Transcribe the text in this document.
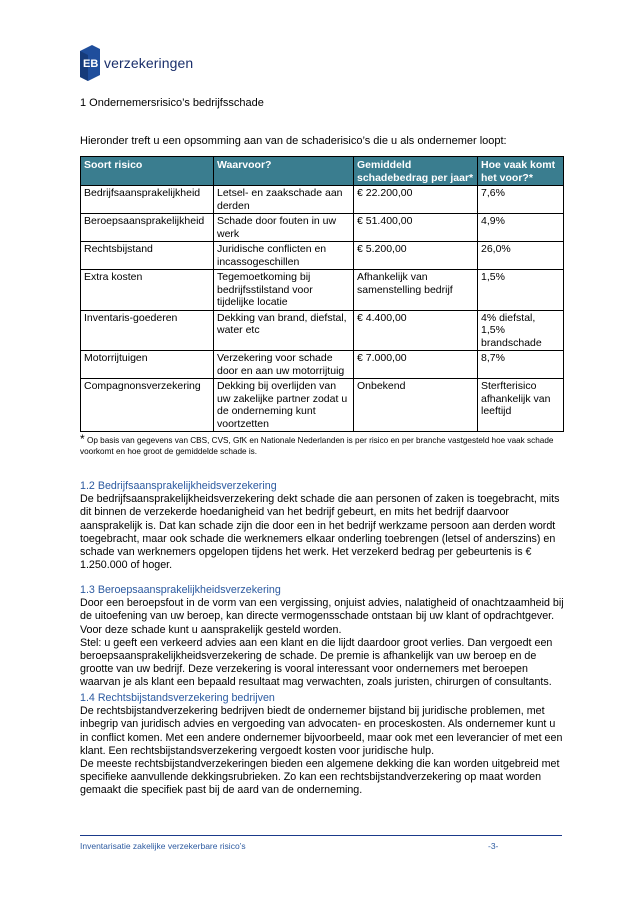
EB verzekeringen
1 Ondernemersrisico’s bedrijfsschade
Hieronder treft u een opsomming aan van de schaderisico’s die u als ondernemer loopt:
Soort risico	Waarvoor?	Gemiddeld schadebedrag per jaar*	Hoe vaak komt het voor?*
Bedrijfsaansprakelijkheid	Letsel- en zaakschade aan derden	€ 22.200,00	7,6%
Beroepsaansprakelijkheid	Schade door fouten in uw werk	€ 51.400,00	4,9%
Rechtsbijstand	Juridische conflicten en incassogeschillen	€ 5.200,00	26,0%
Extra kosten	Tegemoetkoming bij bedrijfsstilstand voor tijdelijke locatie	Afhankelijk van samenstelling bedrijf	1,5%
Inventaris-goederen	Dekking van brand, diefstal, water etc	€ 4.400,00	4% diefstal, 1,5% brandschade
Motorrijtuigen	Verzekering voor schade door en aan uw motorrijtuig	€ 7.000,00	8,7%
Compagnonsverzekering	Dekking bij overlijden van uw zakelijke partner zodat u de onderneming kunt voortzetten	Onbekend	Sterfterisico afhankelijk van leeftijd
* Op basis van gegevens van CBS, CVS, GfK en Nationale Nederlanden is per risico en per branche vastgesteld hoe vaak schade voorkomt en hoe groot de gemiddelde schade is.
1.2 Bedrijfsaansprakelijkheidsverzekering
De bedrijfsaansprakelijkheidsverzekering dekt schade die aan personen of zaken is toegebracht, mits dit binnen de verzekerde hoedanigheid van het bedrijf gebeurt, en mits het bedrijf daarvoor aansprakelijk is. Dat kan schade zijn die door een in het bedrijf werkzame persoon aan derden wordt toegebracht, maar ook schade die werknemers elkaar onderling toebrengen (letsel of anderszins) en schade van werknemers opgelopen tijdens het werk. Het verzekerd bedrag per gebeurtenis is € 1.250.000 of hoger.
1.3 Beroepsaansprakelijkheidsverzekering
Door een beroepsfout in de vorm van een vergissing, onjuist advies, nalatigheid of onachtzaamheid bij de uitoefening van uw beroep, kan directe vermogensschade ontstaan bij uw klant of opdrachtgever. Voor deze schade kunt u aansprakelijk gesteld worden.
Stel: u geeft een verkeerd advies aan een klant en die lijdt daardoor groot verlies. Dan vergoedt een beroepsaansprakelijkheidsverzekering de schade. De premie is afhankelijk van uw beroep en de grootte van uw bedrijf. Deze verzekering is vooral interessant voor ondernemers met beroepen waarvan je als klant een bepaald resultaat mag verwachten, zoals juristen, chirurgen of consultants.
1.4 Rechtsbijstandsverzekering bedrijven
De rechtsbijstandverzekering bedrijven biedt de ondernemer bijstand bij juridische problemen, met inbegrip van juridisch advies en vergoeding van advocaten- en proceskosten. Als ondernemer kunt u in conflict komen. Met een andere ondernemer bijvoorbeeld, maar ook met een leverancier of met een klant. Een rechtsbijstandsverzekering vergoedt kosten voor juridische hulp.
De meeste rechtsbijstandverzekeringen bieden een algemene dekking die kan worden uitgebreid met specifieke aanvullende dekkingsrubrieken. Zo kan een rechtsbijstandverzekering op maat worden gemaakt die specifiek past bij de aard van de onderneming.
Inventarisatie zakelijke verzekerbare risico’s	-3-
